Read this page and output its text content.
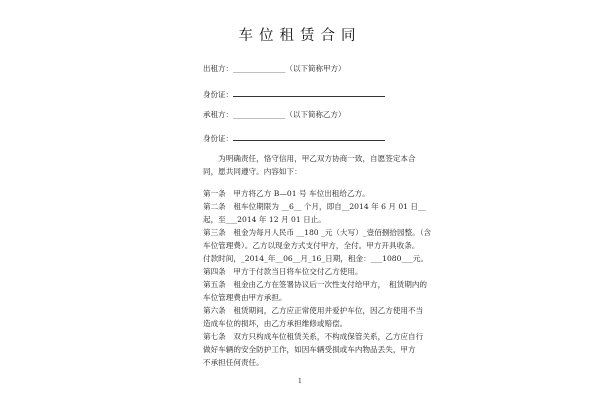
车位租赁合同
出租方：______________（以下简称甲方）
身份证：
承租方：______________（以下简称乙方）
身份证：
　　为明确责任，恪守信用，甲乙双方协商一致，自愿签定本合
同，愿共同遵守。内容如下：
第一条　甲方将乙方 B—01 号 车位出租给乙方。
第二条　租车位期限为 __6__ 个月，即自__2014 年 6 月 01 日__
起，至___2014 年 12 月 01 日止。
第三条　租金为每月人民币 __180 _元（大写）_壹佰捌拾园整。（含
车位管理费）。乙方以现金方式支付甲方，全付。甲方开具收条。
付款时间，_2014_年__06__月_16_日期，租金：___1080___元。
第四条　甲方于付款当日将车位交付乙方使用。
第五条　租金由乙方在签署协议后一次性支付给甲方，　租赁期内的
车位管理费由甲方承担。
第六条　租赁期间，乙方应正常使用并爱护车位，因乙方使用不当
造成车位的损坏，由乙方承担维修或赔偿。
第七条　双方只构成车位租赁关系，不构成保管关系，乙方应自行
做好车辆的安全防护工作，如因车辆受损或车内物品丢失，甲方
不承担任何责任。
1
